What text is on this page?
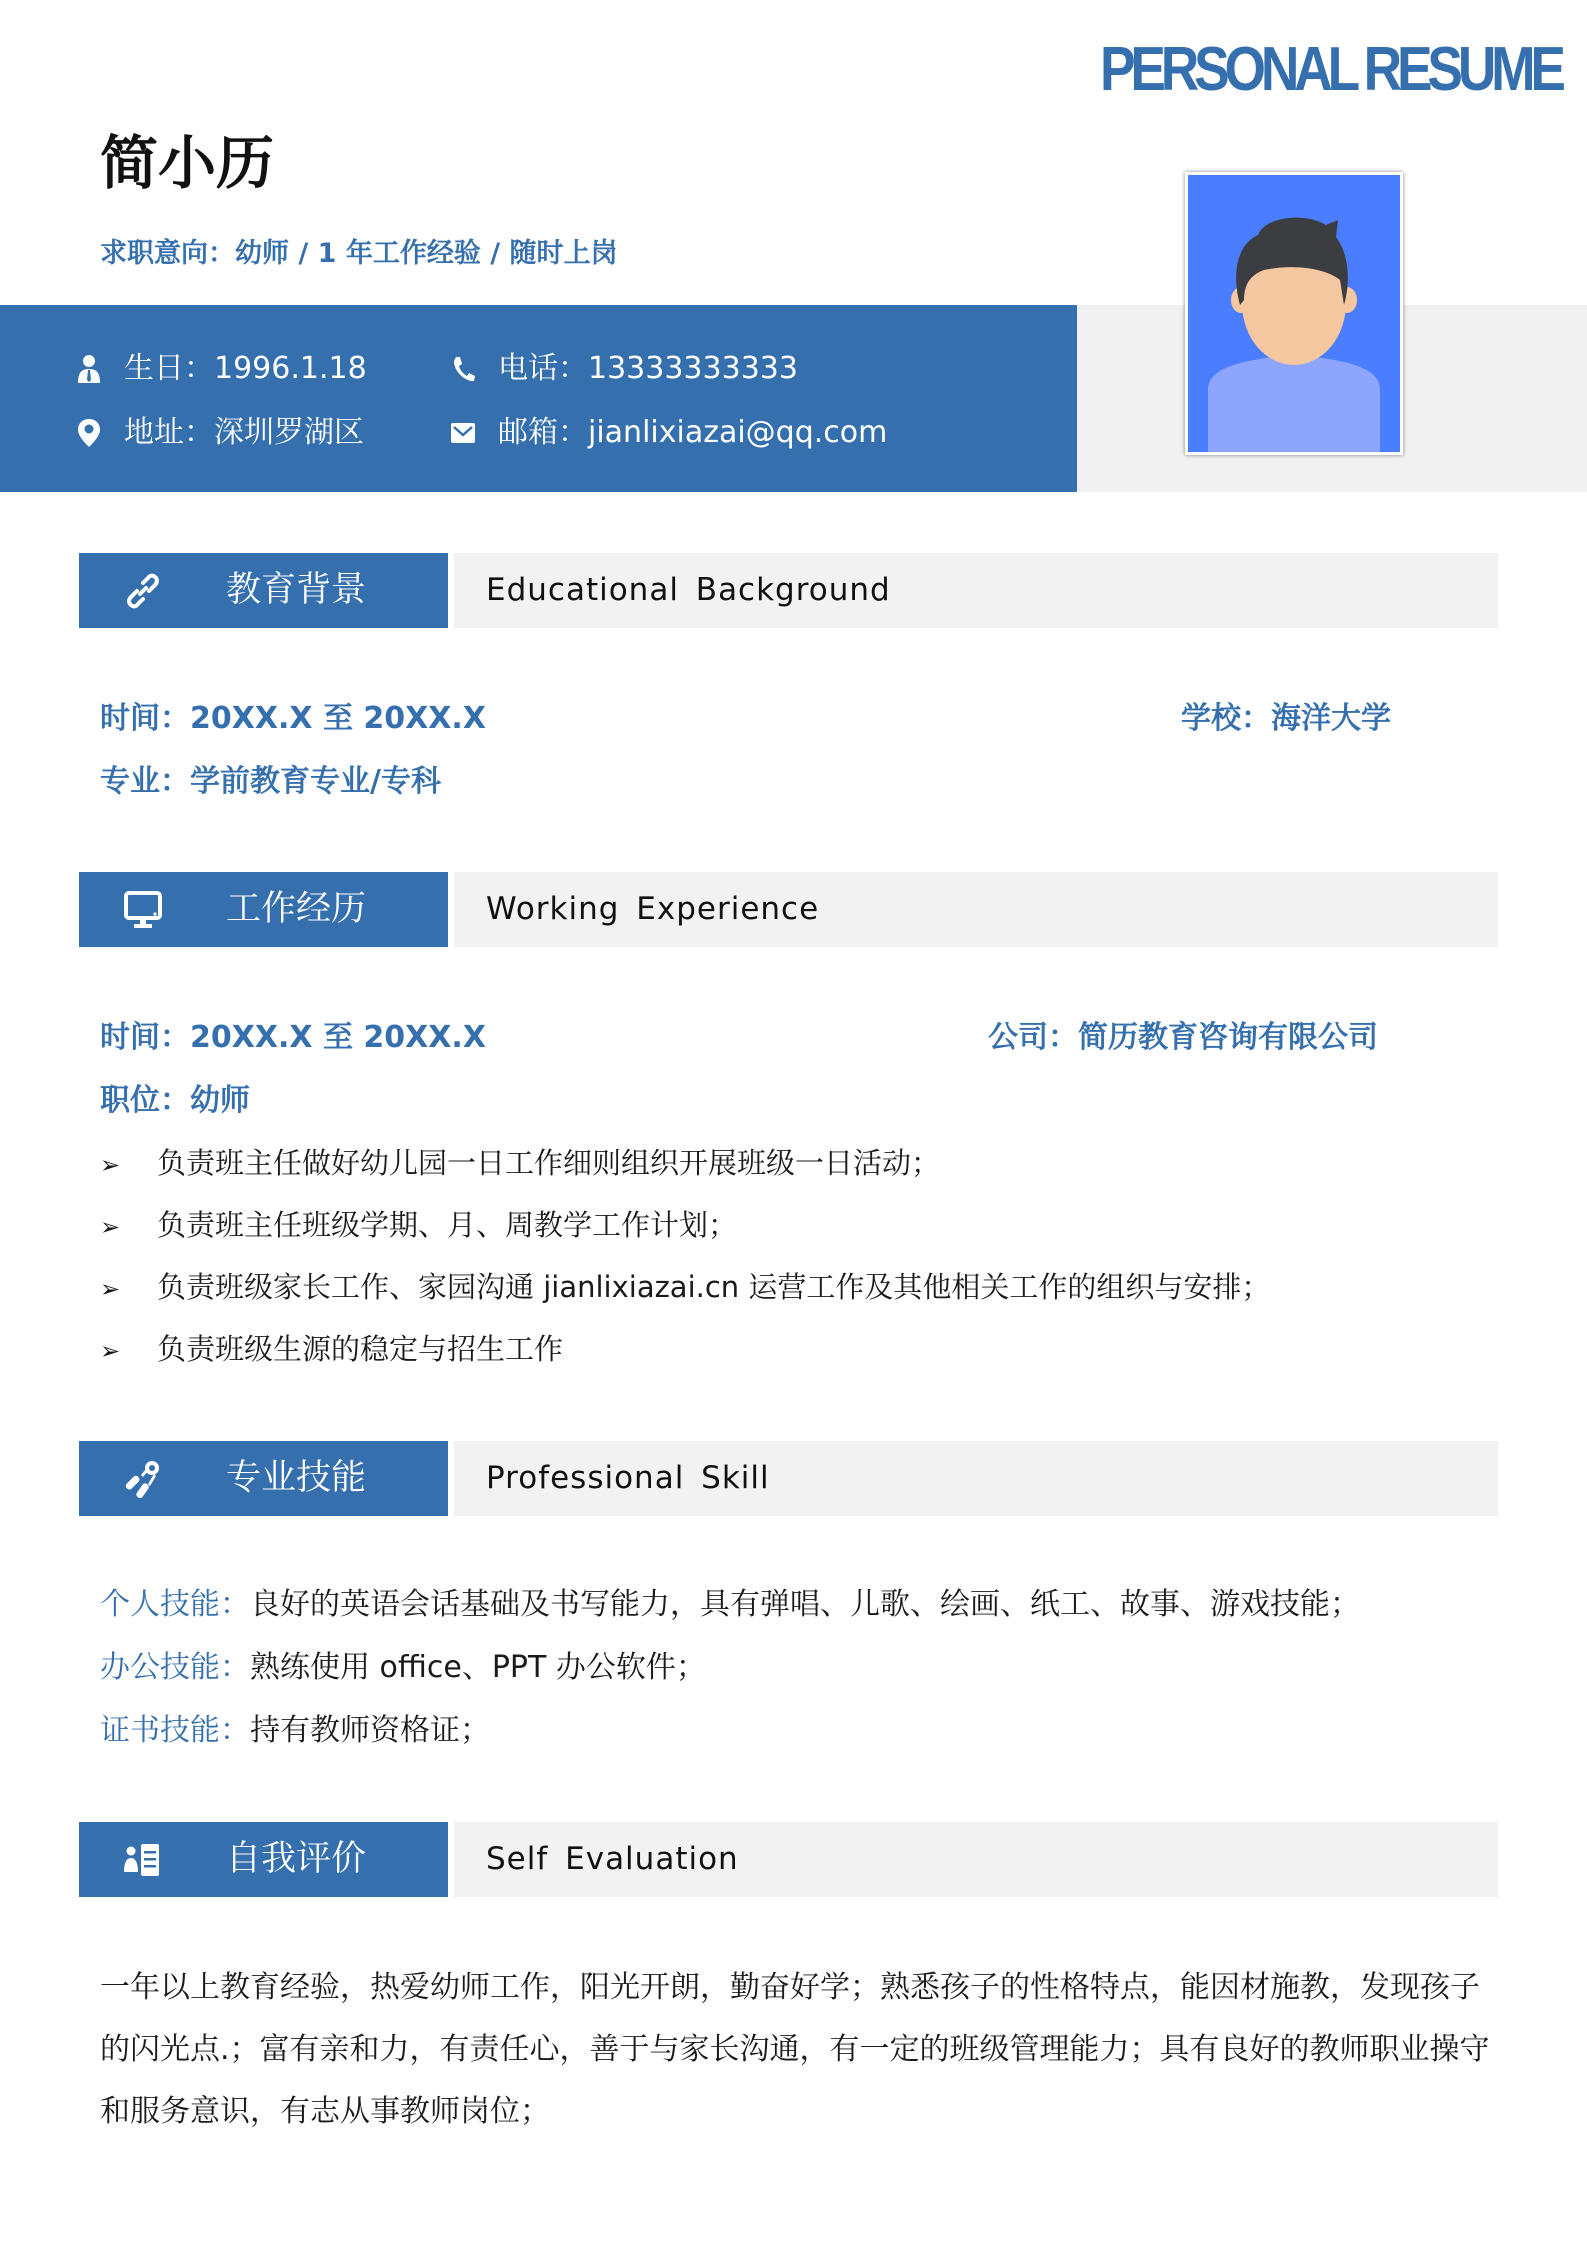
PERSONAL RESUME
简小历
求职意向：幼师 / 1 年工作经验 / 随时上岗
生日： 1996.1.18	电话： 13333333333
地址： 深圳罗湖区	邮箱： jianlixiazai@qq.com
教育背景	Educational Background
时间：20XX.X 至 20XX.X	学校：海洋大学
专业：学前教育专业/专科
工作经历	Working Experience
时间：20XX.X 至 20XX.X	公司：简历教育咨询有限公司
职位：幼师
➢ 负责班主任做好幼儿园一日工作细则组织开展班级一日活动；
➢ 负责班主任班级学期、月、周教学工作计划；
➢ 负责班级家长工作、家园沟通 jianlixiazai.cn 运营工作及其他相关工作的组织与安排；
➢ 负责班级生源的稳定与招生工作
专业技能	Professional Skill
个人技能：良好的英语会话基础及书写能力，具有弹唱、儿歌、绘画、纸工、故事、游戏技能；
办公技能：熟练使用 office、PPT 办公软件；
证书技能：持有教师资格证；
自我评价	Self Evaluation
一年以上教育经验，热爱幼师工作，阳光开朗，勤奋好学；熟悉孩子的性格特点，能因材施教，发现孩子的闪光点.；富有亲和力，有责任心，善于与家长沟通，有一定的班级管理能力；具有良好的教师职业操守和服务意识，有志从事教师岗位；
